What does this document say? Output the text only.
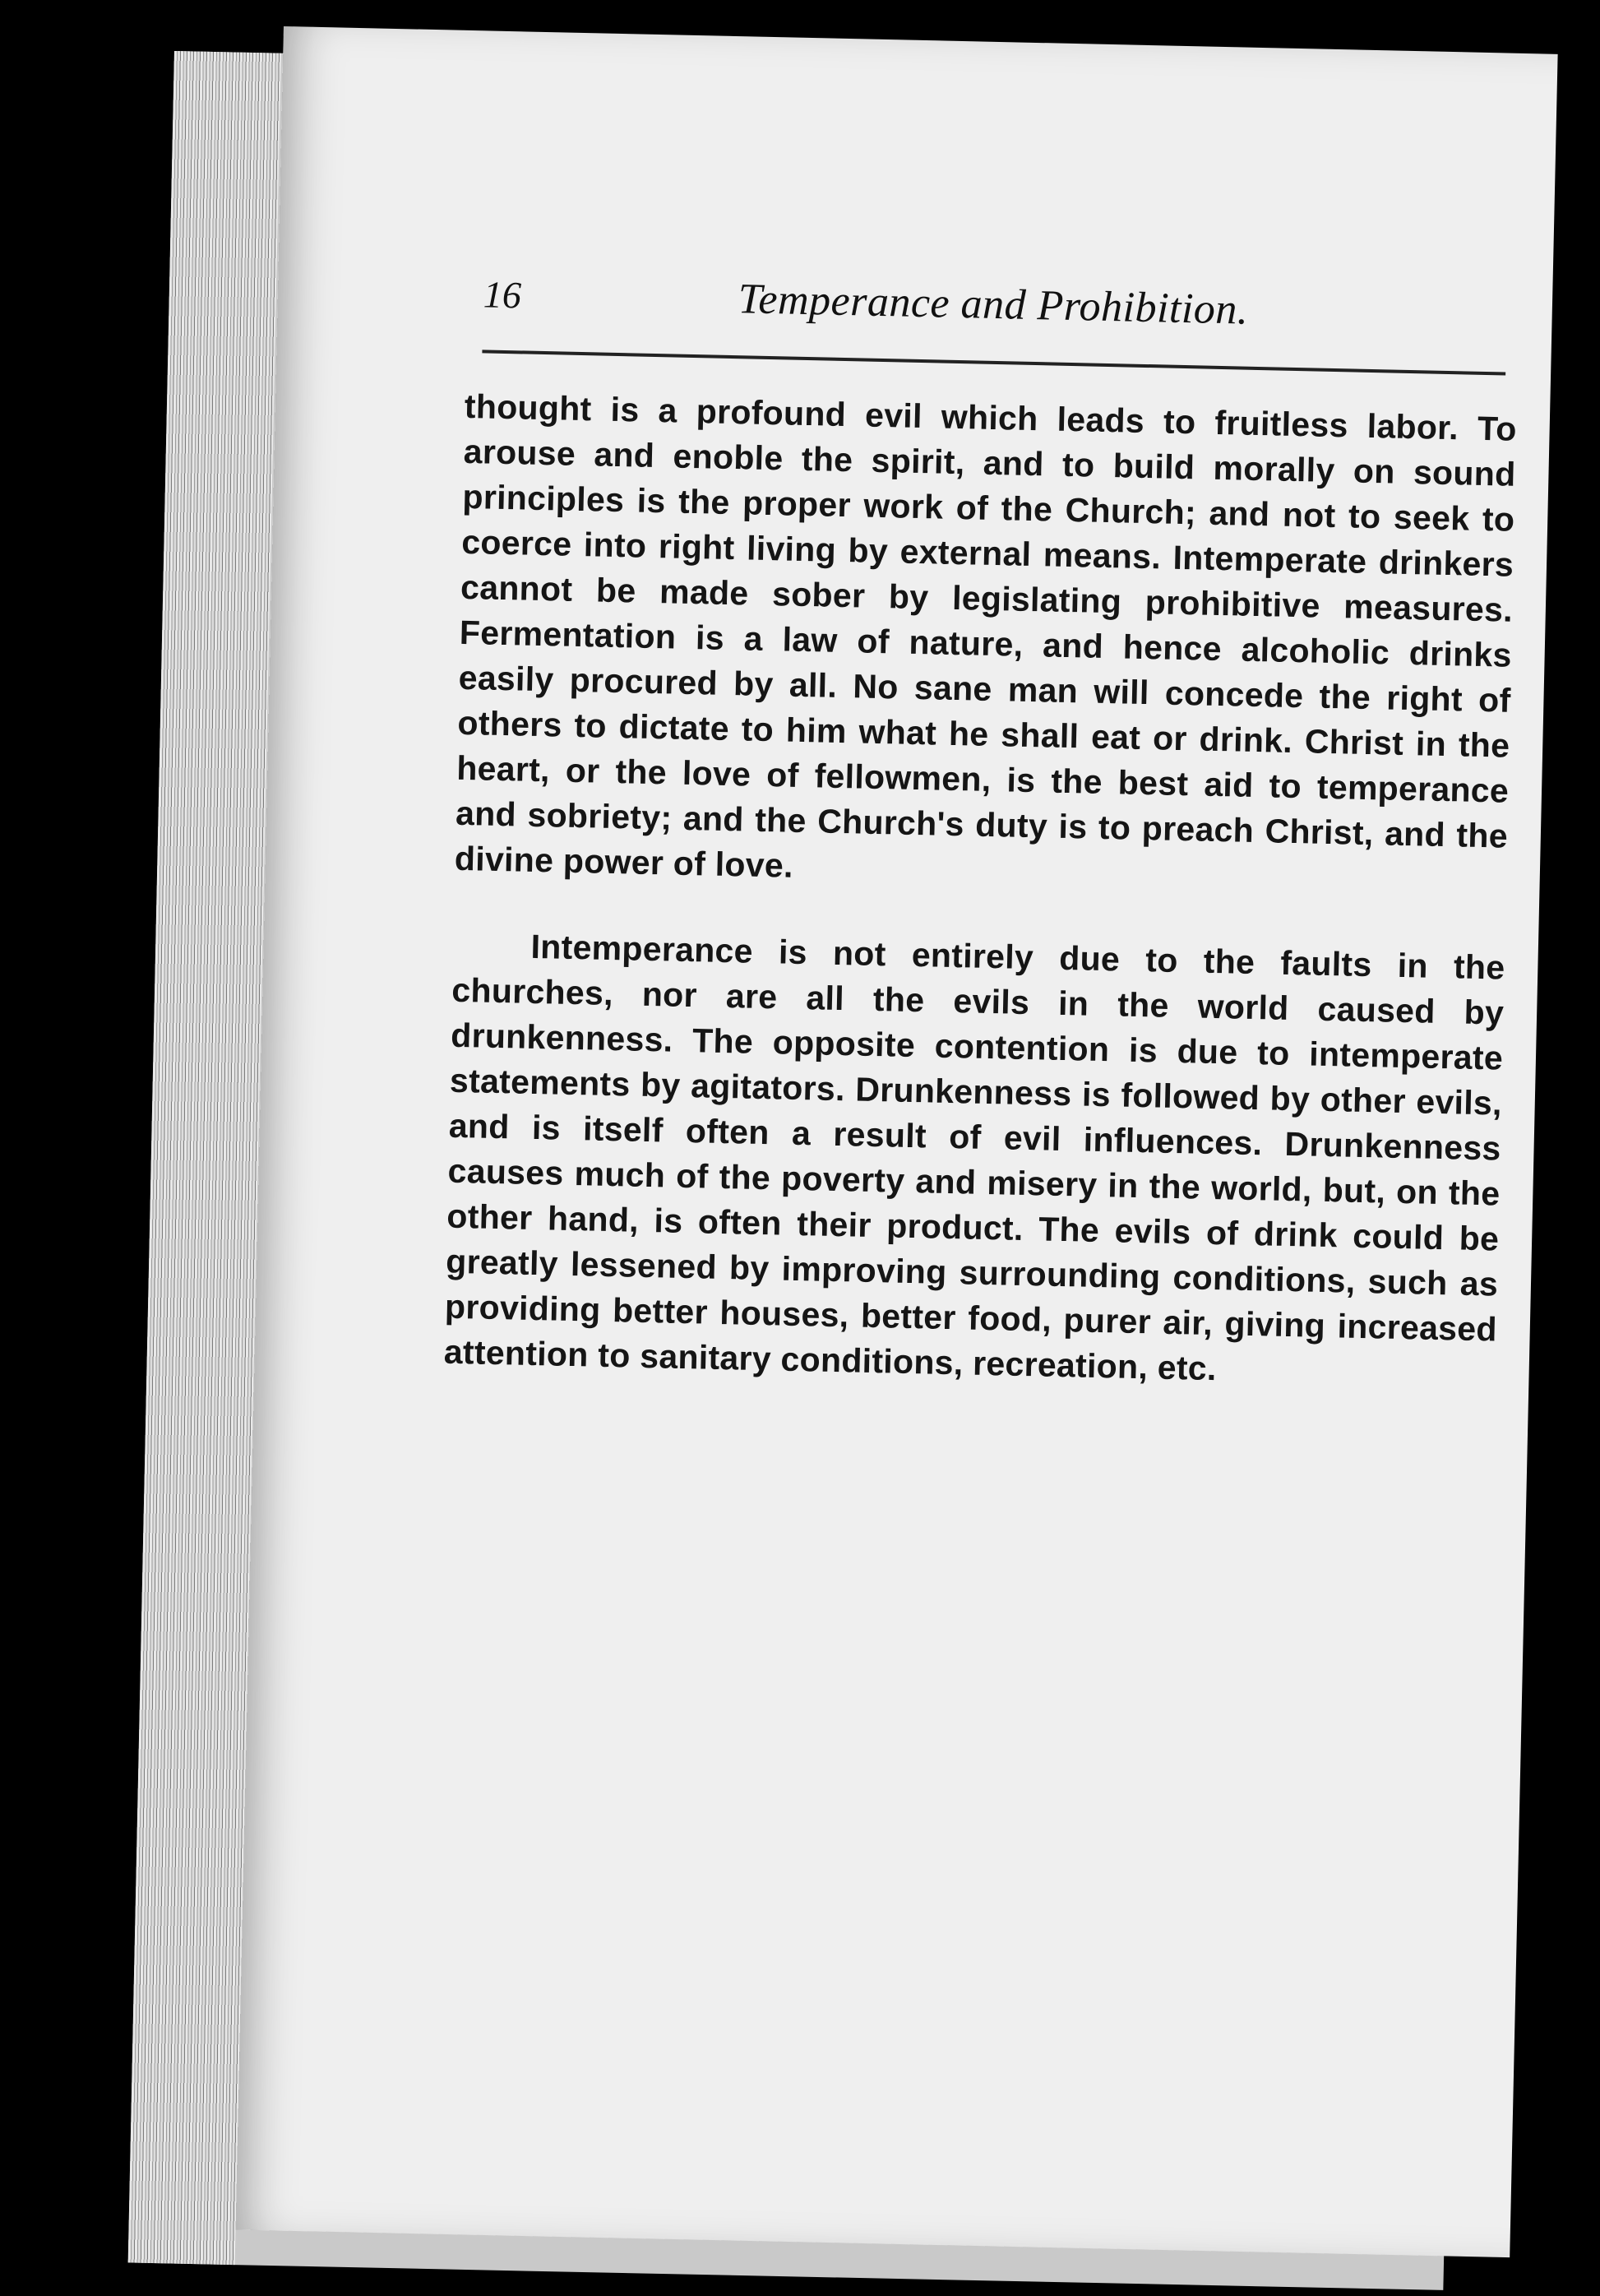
16	Temperance and Prohibition.

thought is a profound evil which leads to fruitless labor. To arouse and enoble the spirit, and to build morally on sound principles is the proper work of the Church; and not to seek to coerce into right living by external means. Intemperate drinkers cannot be made sober by legislating prohibitive measures. Fermentation is a law of nature, and hence alcoholic drinks easily procured by all. No sane man will concede the right of others to dictate to him what he shall eat or drink. Christ in the heart, or the love of fellowmen, is the best aid to temperance and sobriety; and the Church's duty is to preach Christ, and the divine power of love.

Intemperance is not entirely due to the faults in the churches, nor are all the evils in the world caused by drunkenness. The opposite contention is due to intemperate statements by agitators. Drunkenness is followed by other evils, and is itself often a result of evil influences. Drunkenness causes much of the poverty and misery in the world, but, on the other hand, is often their product. The evils of drink could be greatly lessened by improving surrounding conditions, such as providing better houses, better food, purer air, giving increased attention to sanitary conditions, recreation, etc.
